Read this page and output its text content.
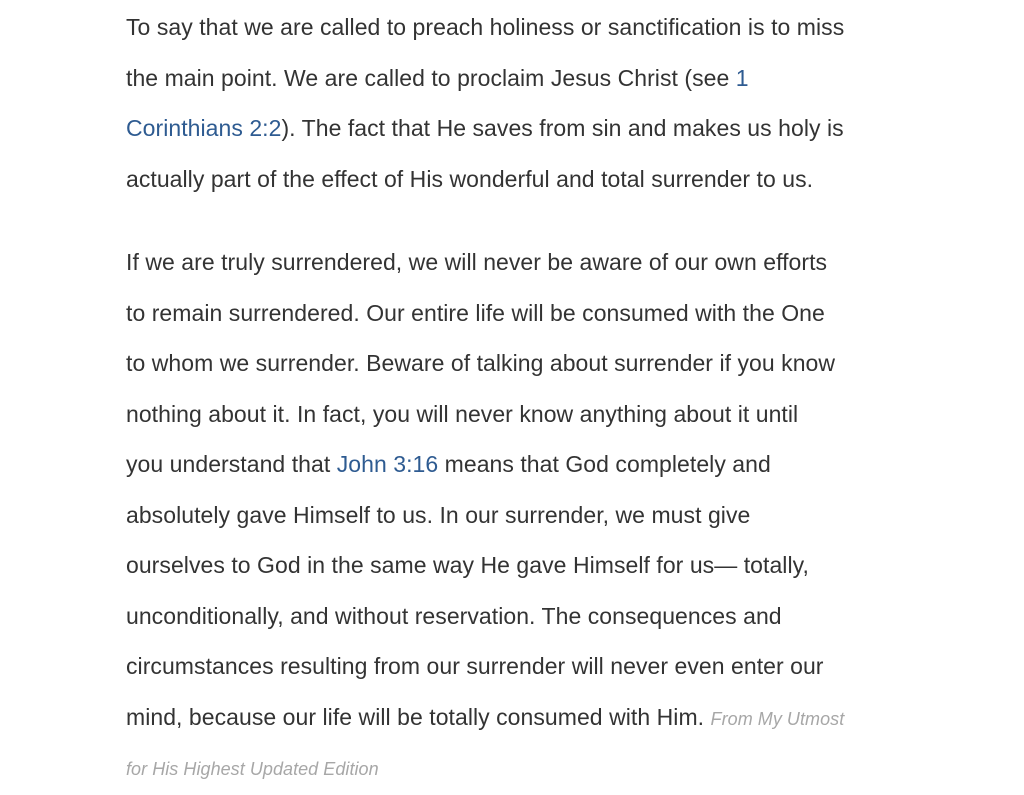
To say that we are called to preach holiness or sanctification is to miss
the main point. We are called to proclaim Jesus Christ (see 1
Corinthians 2:2). The fact that He saves from sin and makes us holy is
actually part of the effect of His wonderful and total surrender to us.

If we are truly surrendered, we will never be aware of our own efforts
to remain surrendered. Our entire life will be consumed with the One
to whom we surrender. Beware of talking about surrender if you know
nothing about it. In fact, you will never know anything about it until
you understand that John 3:16 means that God completely and
absolutely gave Himself to us. In our surrender, we must give
ourselves to God in the same way He gave Himself for us— totally,
unconditionally, and without reservation. The consequences and
circumstances resulting from our surrender will never even enter our
mind, because our life will be totally consumed with Him. From My Utmost
for His Highest Updated Edition
